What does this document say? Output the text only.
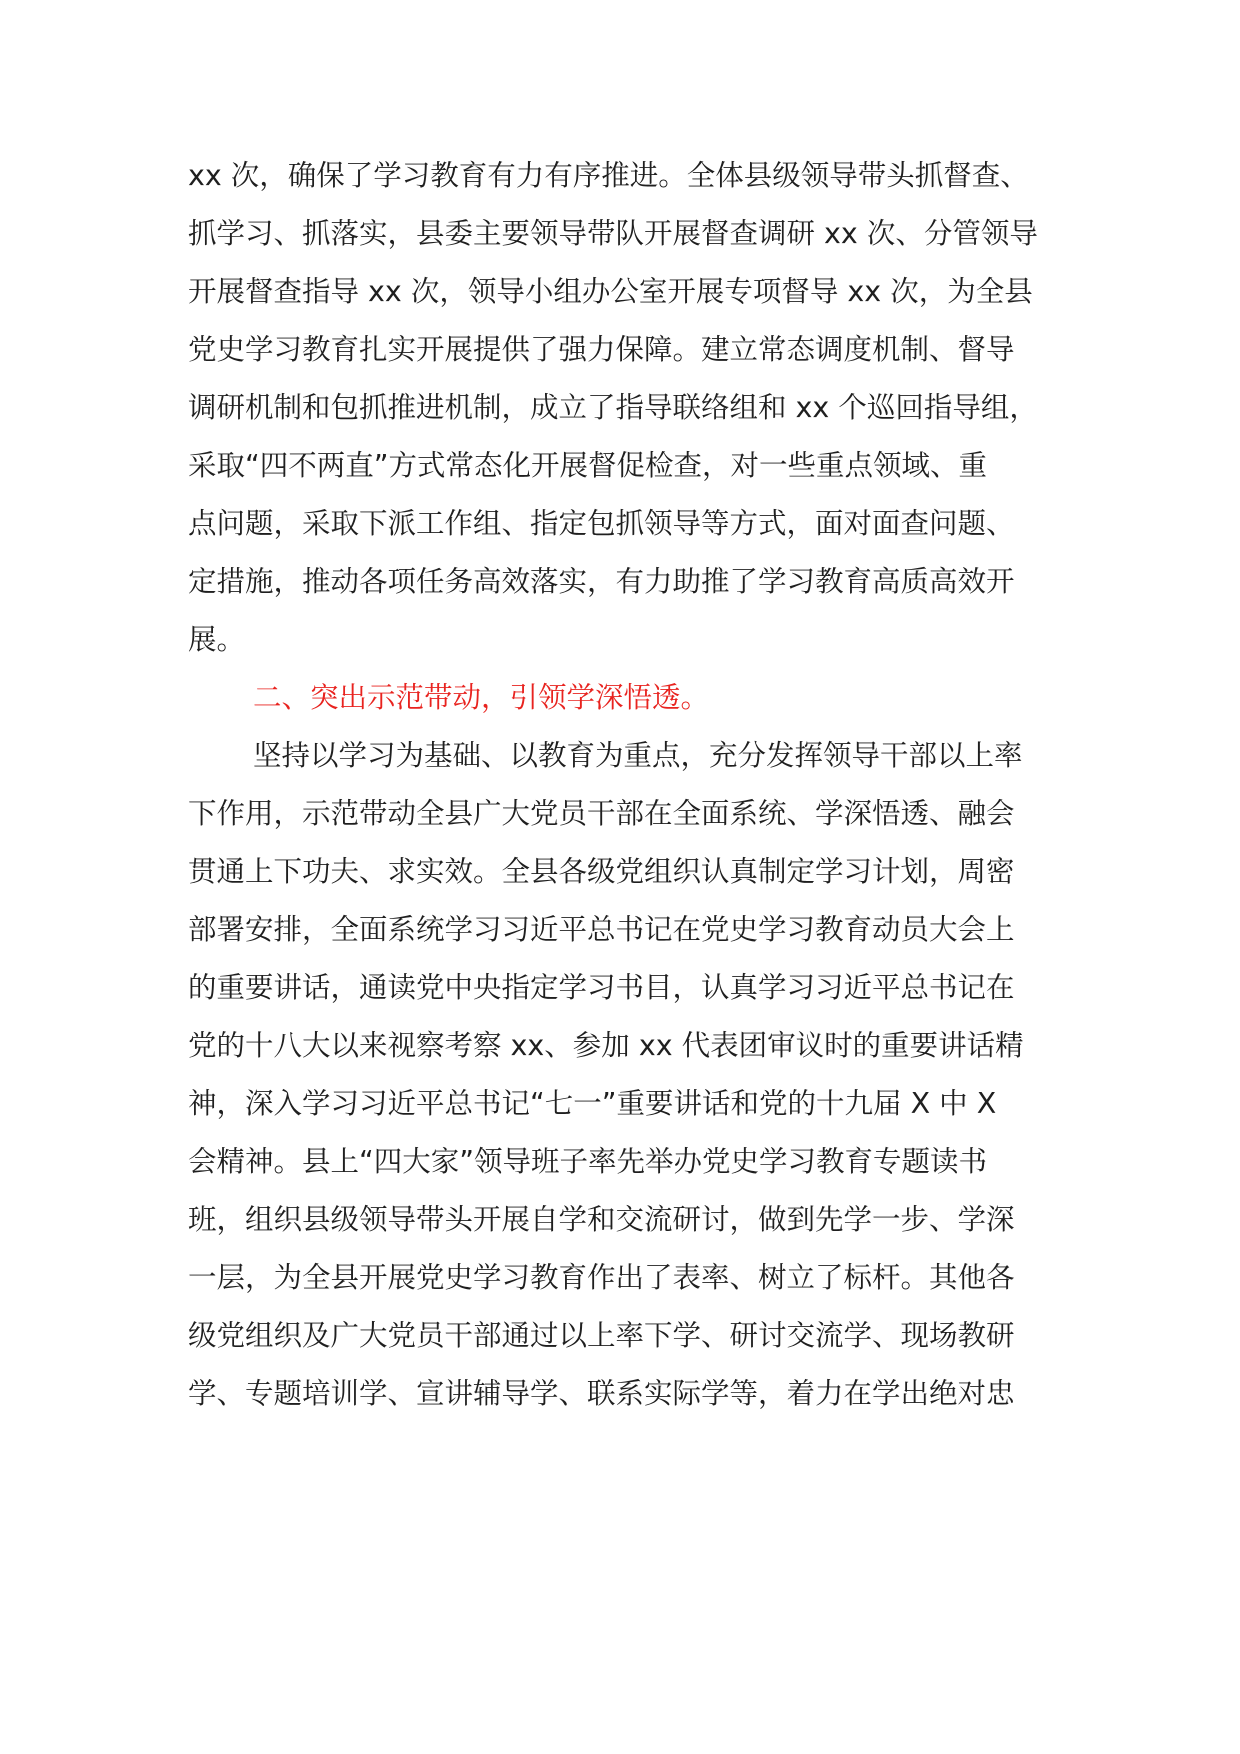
xx 次，确保了学习教育有力有序推进。全体县级领导带头抓督查、
抓学习、抓落实，县委主要领导带队开展督查调研 xx 次、分管领导
开展督查指导 xx 次，领导小组办公室开展专项督导 xx 次，为全县
党史学习教育扎实开展提供了强力保障。建立常态调度机制、督导
调研机制和包抓推进机制，成立了指导联络组和 xx 个巡回指导组，
采取“四不两直”方式常态化开展督促检查，对一些重点领域、重
点问题，采取下派工作组、指定包抓领导等方式，面对面查问题、
定措施，推动各项任务高效落实，有力助推了学习教育高质高效开
展。
二、突出示范带动，引领学深悟透。
坚持以学习为基础、以教育为重点，充分发挥领导干部以上率
下作用，示范带动全县广大党员干部在全面系统、学深悟透、融会
贯通上下功夫、求实效。全县各级党组织认真制定学习计划，周密
部署安排，全面系统学习习近平总书记在党史学习教育动员大会上
的重要讲话，通读党中央指定学习书目，认真学习习近平总书记在
党的十八大以来视察考察 xx、参加 xx 代表团审议时的重要讲话精
神，深入学习习近平总书记“七一”重要讲话和党的十九届 X 中 X
会精神。县上“四大家”领导班子率先举办党史学习教育专题读书
班，组织县级领导带头开展自学和交流研讨，做到先学一步、学深
一层，为全县开展党史学习教育作出了表率、树立了标杆。其他各
级党组织及广大党员干部通过以上率下学、研讨交流学、现场教研
学、专题培训学、宣讲辅导学、联系实际学等，着力在学出绝对忠
